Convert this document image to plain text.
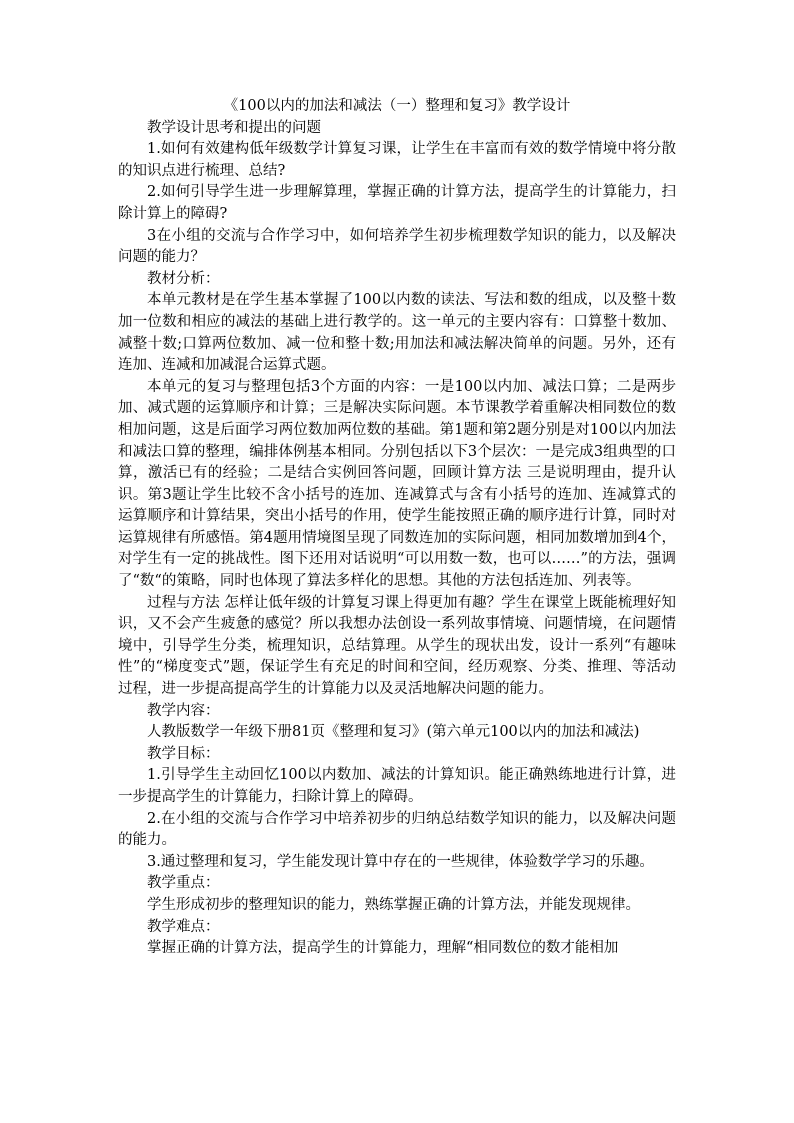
《100以内的加法和减法（一）整理和复习》教学设计

教学设计思考和提出的问题

1.如何有效建构低年级数学计算复习课，让学生在丰富而有效的数学情境中将分散的知识点进行梳理、总结?

2.如何引导学生进一步理解算理，掌握正确的计算方法，提高学生的计算能力，扫除计算上的障碍?

3在小组的交流与合作学习中，如何培养学生初步梳理数学知识的能力，以及解决问题的能力？

教材分析：

本单元教材是在学生基本掌握了100以内数的读法、写法和数的组成，以及整十数加一位数和相应的减法的基础上进行教学的。这一单元的主要内容有：口算整十数加、减整十数;口算两位数加、减一位和整十数;用加法和减法解决简单的问题。另外，还有连加、连减和加减混合运算式题。

本单元的复习与整理包括3个方面的内容：一是100以内加、减法口算；二是两步加、减式题的运算顺序和计算；三是解决实际问题。本节课教学着重解决相同数位的数相加问题，这是后面学习两位数加两位数的基础。第1题和第2题分别是对100以内加法和减法口算的整理，编排体例基本相同。分别包括以下3个层次：一是完成3组典型的口算，激活已有的经验；二是结合实例回答问题，回顾计算方法 三是说明理由，提升认识。第3题让学生比较不含小括号的连加、连减算式与含有小括号的连加、连减算式的运算顺序和计算结果，突出小括号的作用，使学生能按照正确的顺序进行计算，同时对运算规律有所感悟。第4题用情境图呈现了同数连加的实际问题，相同加数增加到4个，对学生有一定的挑战性。图下还用对话说明“可以用数一数，也可以……”的方法，强调了“数“的策略，同时也体现了算法多样化的思想。其他的方法包括连加、列表等。

过程与方法 怎样让低年级的计算复习课上得更加有趣？学生在课堂上既能梳理好知识，又不会产生疲惫的感觉？所以我想办法创设一系列故事情境、问题情境，在问题情境中，引导学生分类，梳理知识，总结算理。从学生的现状出发，设计一系列“有趣味性”的“梯度变式”题，保证学生有充足的时间和空间，经历观察、分类、推理、等活动过程，进一步提高提高学生的计算能力以及灵活地解决问题的能力。

教学内容：

人教版数学一年级下册81页《整理和复习》(第六单元100以内的加法和减法)

教学目标：

1.引导学生主动回忆100以内数加、减法的计算知识。能正确熟练地进行计算，进一步提高学生的计算能力，扫除计算上的障碍。

2.在小组的交流与合作学习中培养初步的归纳总结数学知识的能力，以及解决问题的能力。

3.通过整理和复习，学生能发现计算中存在的一些规律，体验数学学习的乐趣。

教学重点：

学生形成初步的整理知识的能力，熟练掌握正确的计算方法，并能发现规律。

教学难点：

掌握正确的计算方法，提高学生的计算能力，理解“相同数位的数才能相加
